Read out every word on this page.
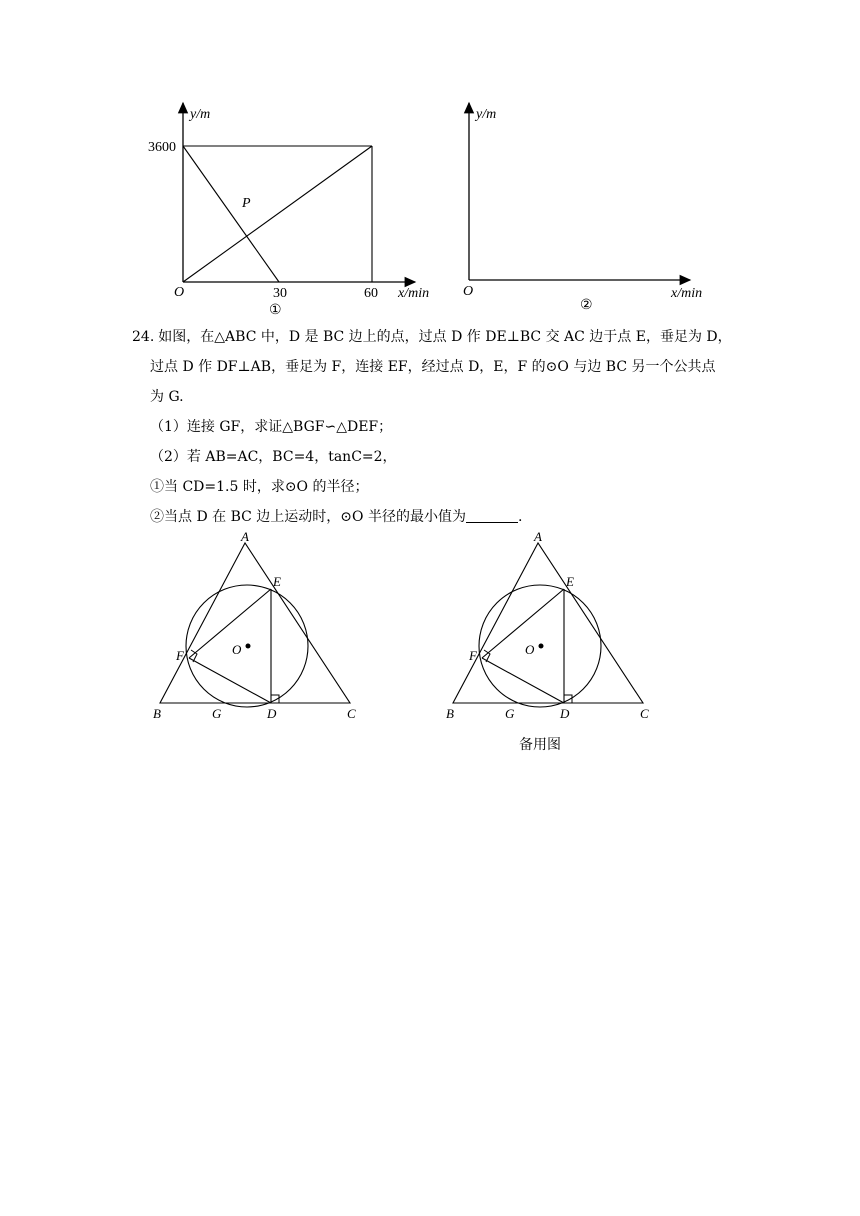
y/m
3600
P
O	30	60 x/min
①
y/m
O	x/min
②
24. 如图，在△ABC 中，D 是 BC 边上的点，过点 D 作 DE⊥BC 交 AC 边于点 E，垂足为 D，
过点 D 作 DF⊥AB，垂足为 F，连接 EF，经过点 D，E，F 的⊙O 与边 BC 另一个公共点
为 G.
（1）连接 GF，求证△BGF∽△DEF；
（2）若 AB=AC，BC=4，tanC=2，
①当 CD=1.5 时，求⊙O 的半径；
②当点 D 在 BC 边上运动时，⊙O 半径的最小值为	.
A
E
O
F
B	G	D	C
A
E
O
F
B	G	D	C
备用图
